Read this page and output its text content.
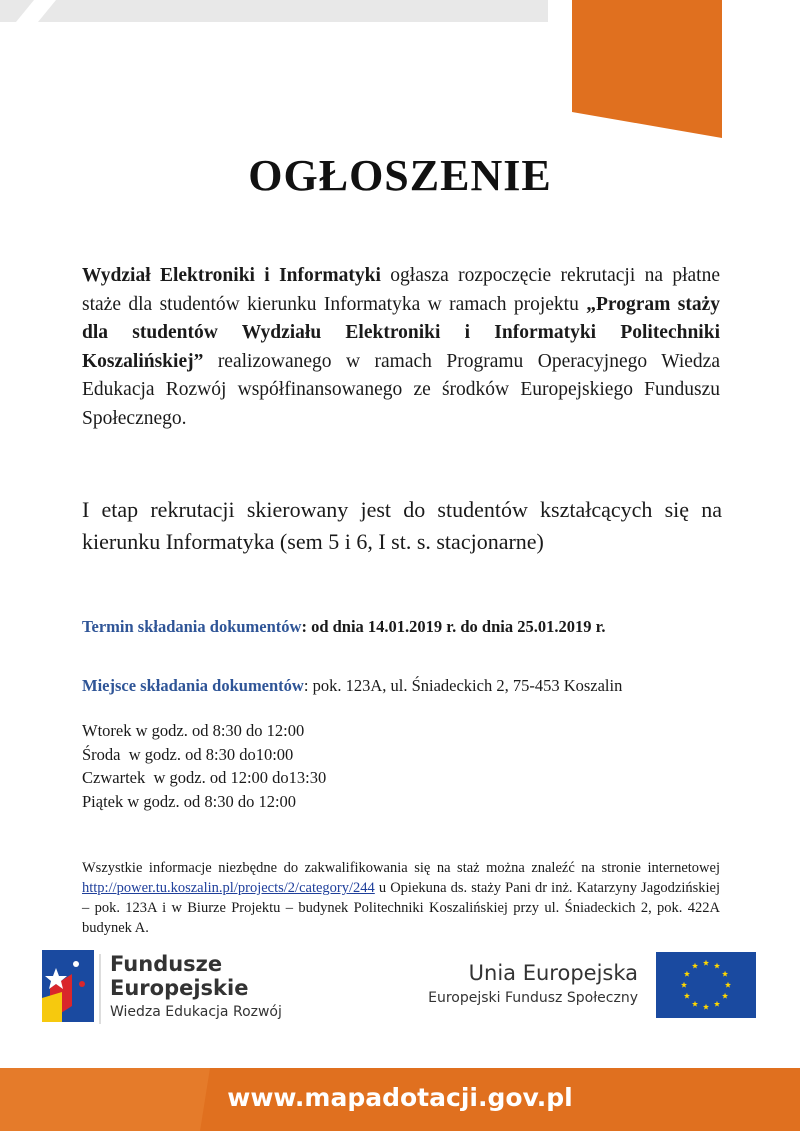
OGŁOSZENIE
Wydział Elektroniki i Informatyki ogłasza rozpoczęcie rekrutacji na płatne staże dla studentów kierunku Informatyka w ramach projektu „Program staży dla studentów Wydziału Elektroniki i Informatyki Politechniki Koszalińskiej” realizowanego w ramach Programu Operacyjnego Wiedza Edukacja Rozwój współfinansowanego ze środków Europejskiego Funduszu Społecznego.
I etap rekrutacji skierowany jest do studentów kształcących się na kierunku Informatyka (sem 5 i 6, I st. s. stacjonarne)
Termin składania dokumentów: od dnia 14.01.2019 r. do dnia 25.01.2019 r.
Miejsce składania dokumentów: pok. 123A, ul. Śniadeckich 2, 75-453 Koszalin
Wtorek w godz. od 8:30 do 12:00
Środa  w godz. od 8:30 do10:00
Czwartek  w godz. od 12:00 do13:30
Piątek w godz. od 8:30 do 12:00
Wszystkie informacje niezbędne do zakwalifikowania się na staż można znaleźć na stronie internetowej http://power.tu.koszalin.pl/projects/2/category/244 u Opiekuna ds. staży Pani dr inż. Katarzyny Jagodzińskiej – pok. 123A i w Biurze Projektu – budynek Politechniki Koszalińskiej przy ul. Śniadeckich 2, pok. 422A budynek A.
Fundusze
Europejskie
Wiedza Edukacja Rozwój
Unia Europejska
Europejski Fundusz Społeczny
www.mapadotacji.gov.pl
